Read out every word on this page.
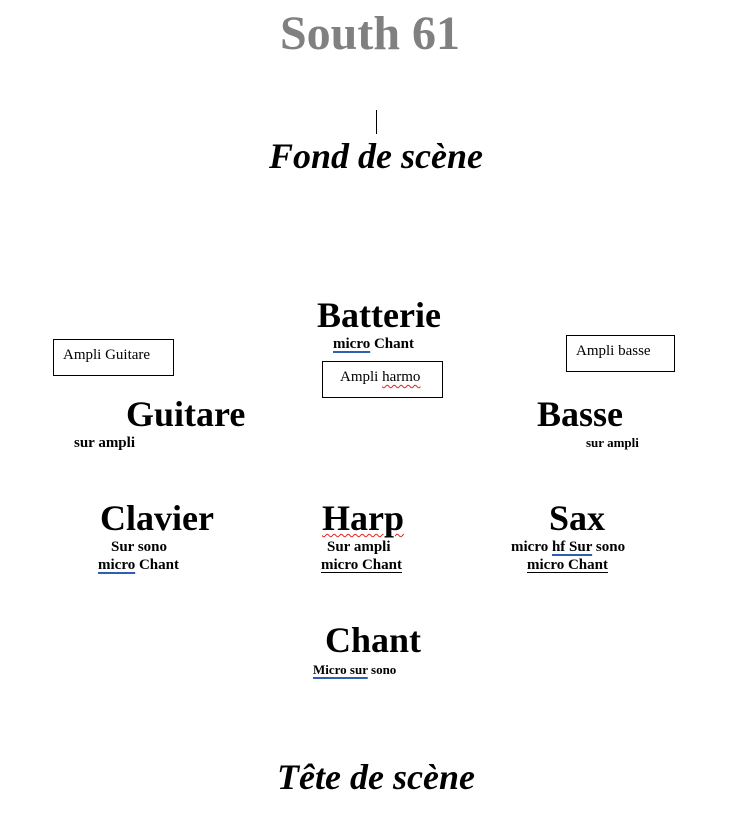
South 61
Fond de scène
Batterie
micro Chant
Ampli Guitare	Ampli basse
Ampli harmo
Guitare
sur ampli
Basse
sur ampli
Clavier
Sur sono
micro Chant
Harp
Sur ampli
micro Chant
Sax
micro hf Sur sono
micro Chant
Chant
Micro sur sono
Tête de scène
